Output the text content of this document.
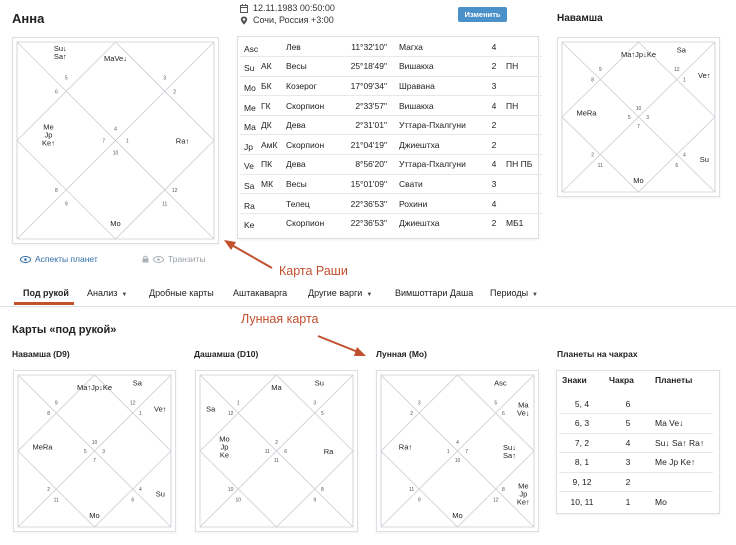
Анна
12.11.1983 00:50:00
Сочи, Россия +3:00
Изменить	Навамша
Mo
Ra↑
MaVe↓
Su↓
Sa↑
Me
Jp
Ke↑
10
11
12
1
2
3
4
5
6
7
8
9
Asc		Лев	11°32'10"	Магха	4	
Su	АК	Весы	25°18'49"	Вишакха	2	ПН
Mo	БК	Козерог	17°09'34"	Шравана	3	
Me	ГК	Скорпион	2°33'57"	Вишакха	4	ПН
Ma	ДК	Дева	2°31'01"	Уттара-Пхалгуни	2	
Jp	АмК	Скорпион	21°04'19"	Джиештха	2	
Ve	ПК	Дева	8°56'20"	Уттара-Пхалгуни	4	ПН ПБ
Sa	МК	Весы	15°01'09"	Свати	3	
Ra		Телец	22°36'53"	Рохини	4	
Ke		Скорпион	22°36'53"	Джиештха	2	МБ1
Mo
Su
Ve↑
Sa
Ma↑Jp↓Ke
MeRa
7
6
4
3
1
12
10
9
8
5
2
11
Аспекты планет	Транзиты
Карта Раши
Лунная карта
Под рукой Анализ ▼ Дробные карты Аштакаварга Другие варги ▼	Вимшоттари Даша Периоды ▼
Карты «под рукой»
Навамша (D9)	Дашамша (D10)	Лунная (Mo)	Планеты на чакрах
Mo
Su
Ve↑
Sa
Ma↑Jp↓Ke
MeRa
7
6
4
3
1
12
10
9
8
5
2
11
Ra
Su
Ma
Sa
Mo
Jp
Ke
11
9
8
6
5
3
2
1
12
11
10
10
Mo
Me
Jp
Ke↑
Su↓
Sa↑
Ma
Ve↓
Asc
Ra↑
10
12
8
7
6
5
4
3
2
1
11
9
Знаки	Чакра Планеты
5, 4	6	
6, 3	5	Ma Ve↓
7, 2	4	Su↓ Sa↑ Ra↑
8, 1	3	Me Jp Ke↑
9, 12	2	
10, 11	1	Mo
